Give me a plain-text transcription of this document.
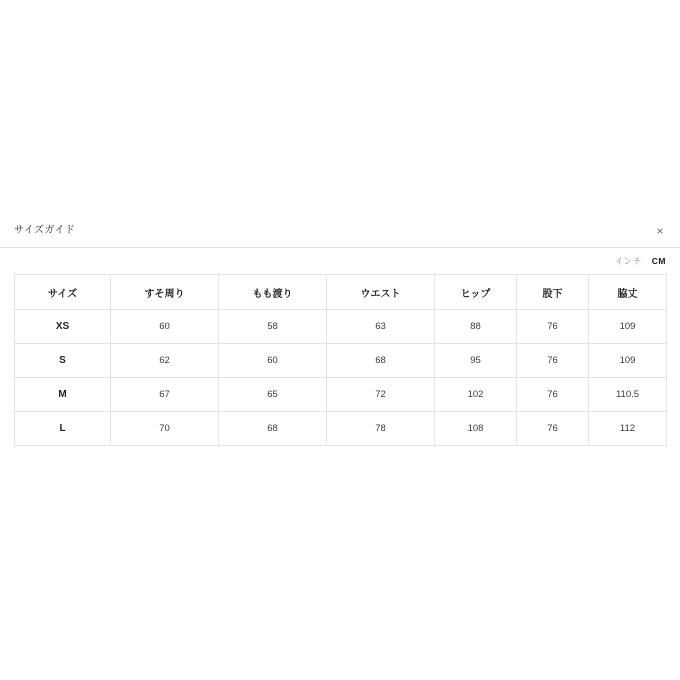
サイズガイド	×
インチ CM
サイズ	すそ周り	もも渡り	ウエスト	ヒップ	股下	脇丈
XS	60	58	63	88	76	109
S	62	60	68	95	76	109
M	67	65	72	102	76	110.5
L	70	68	78	108	76	112
